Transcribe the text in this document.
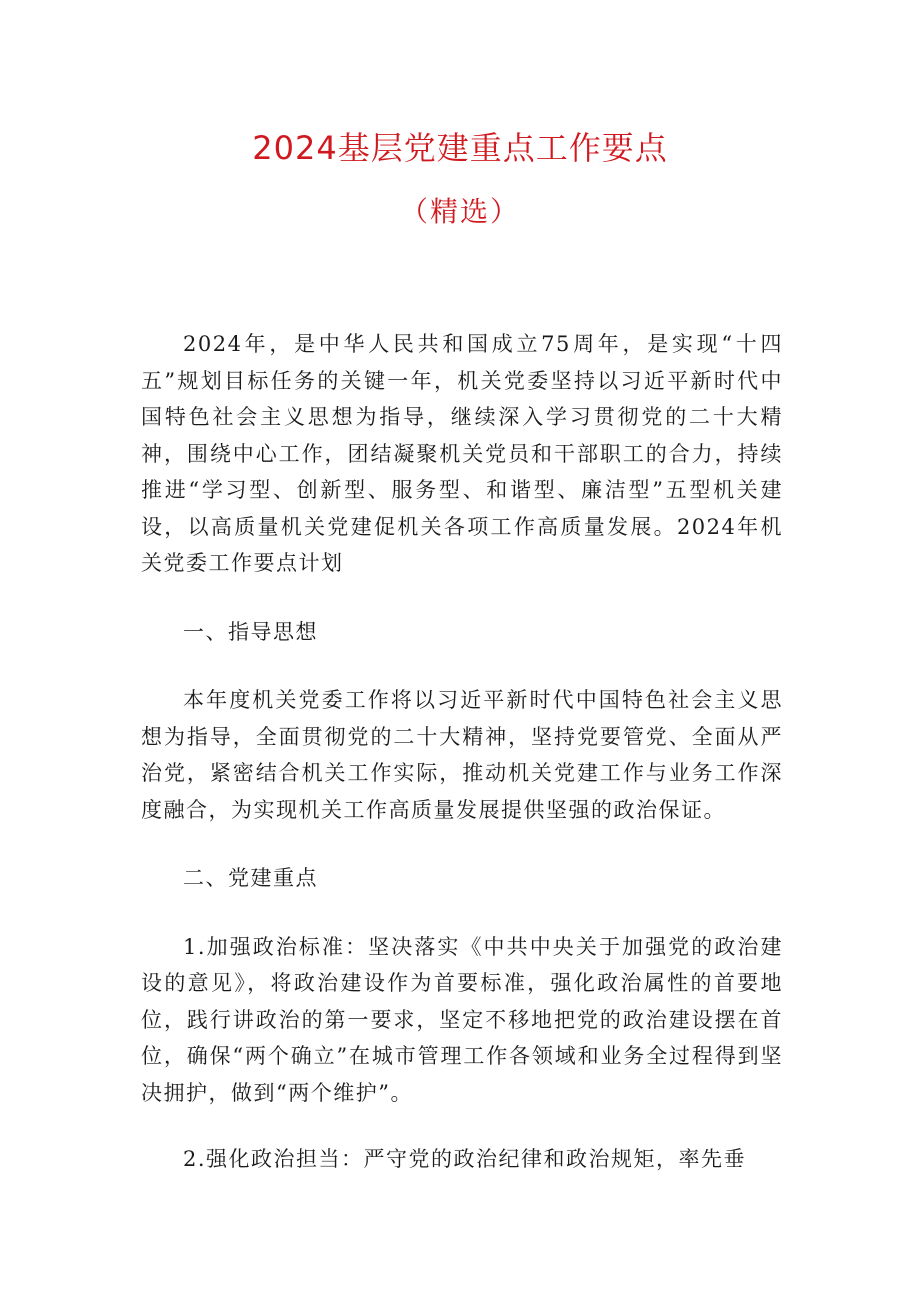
2024基层党建重点工作要点
（精选）

2024年，是中华人民共和国成立75周年，是实现“十四五”规划目标任务的关键一年，机关党委坚持以习近平新时代中国特色社会主义思想为指导，继续深入学习贯彻党的二十大精神，围绕中心工作，团结凝聚机关党员和干部职工的合力，持续推进“学习型、创新型、服务型、和谐型、廉洁型”五型机关建设，以高质量机关党建促机关各项工作高质量发展。2024年机关党委工作要点计划

一、指导思想

本年度机关党委工作将以习近平新时代中国特色社会主义思想为指导，全面贯彻党的二十大精神，坚持党要管党、全面从严治党，紧密结合机关工作实际，推动机关党建工作与业务工作深度融合，为实现机关工作高质量发展提供坚强的政治保证。

二、党建重点

1.加强政治标准：坚决落实《中共中央关于加强党的政治建设的意见》，将政治建设作为首要标准，强化政治属性的首要地位，践行讲政治的第一要求，坚定不移地把党的政治建设摆在首位，确保“两个确立”在城市管理工作各领域和业务全过程得到坚决拥护，做到“两个维护”。

2.强化政治担当：严守党的政治纪律和政治规矩，率先垂
